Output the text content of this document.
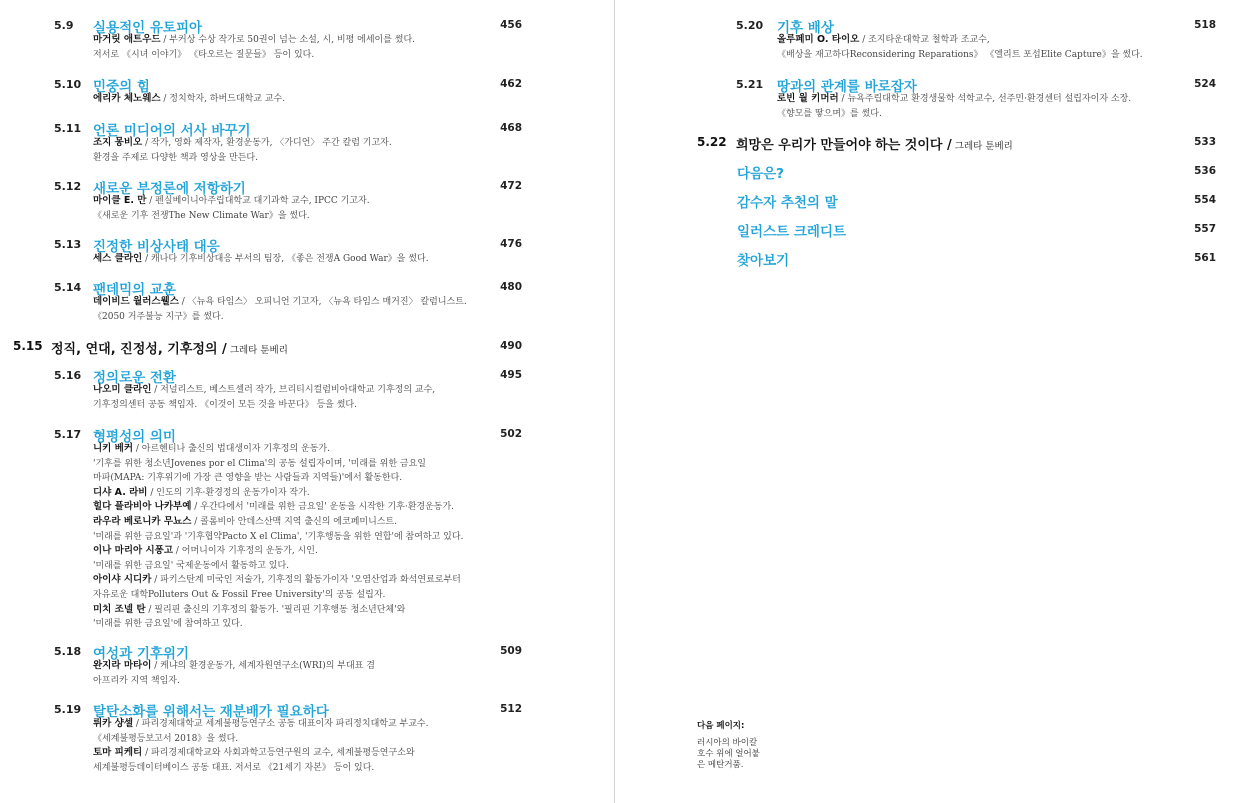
5.9 실용적인 유토피아	456
마거릿 애트우드 / 부커상 수상 작가로 50권이 넘는 소설, 시, 비평 에세이를 썼다.
저서로 《시녀 이야기》 《타오르는 질문들》 등이 있다.
5.10 민중의 힘	462
에리카 체노웨스 / 정치학자, 하버드대학교 교수.
5.11 언론 미디어의 서사 바꾸기	468
조지 몽비오 / 작가, 영화 제작자, 환경운동가, 〈가디언〉 주간 칼럼 기고자.
환경을 주제로 다양한 책과 영상을 만든다.
5.12 새로운 부정론에 저항하기	472
마이클 E. 만 / 펜실베이니아주립대학교 대기과학 교수, IPCC 기고자.
《새로운 기후 전쟁The New Climate War》을 썼다.
5.13 진정한 비상사태 대응	476
세스 클라인 / 캐나다 기후비상대응 부서의 팀장, 《좋은 전쟁A Good War》을 썼다.
5.14 팬데믹의 교훈	480
데이비드 월러스웰스 / 〈뉴욕 타임스〉 오피니언 기고자, 〈뉴욕 타임스 매거진〉 칼럼니스트.
《2050 거주불능 지구》를 썼다.
5.15 정직, 연대, 진정성, 기후정의 / 그레타 툰베리	490
5.16 정의로운 전환	495
나오미 클라인 / 저널리스트, 베스트셀러 작가, 브리티시컬럼비아대학교 기후정의 교수,
기후정의센터 공동 책임자. 《이것이 모든 것을 바꾼다》 등을 썼다.
5.17 형평성의 의미	502
니키 베커 / 아르헨티나 출신의 법대생이자 기후정의 운동가.
'기후를 위한 청소년Jovenes por el Clima'의 공동 설립자이며, '미래를 위한 금요일
마파(MAPA: 기후위기에 가장 큰 영향을 받는 사람들과 지역들)'에서 활동한다.
디샤 A. 라비 / 인도의 기후·환경정의 운동가이자 작가.
힐다 플라비아 나카부예 / 우간다에서 '미래를 위한 금요일' 운동을 시작한 기후·환경운동가.
라우라 베로니카 무뇨스 / 콜롬비아 안데스산맥 지역 출신의 에코페미니스트.
'미래를 위한 금요일'과 '기후협약Pacto X el Clima', '기후행동을 위한 연합'에 참여하고 있다.
이나 마리아 시퐁고 / 어머니이자 기후정의 운동가, 시인.
'미래를 위한 금요일' 국제운동에서 활동하고 있다.
아이샤 시디카 / 파키스탄계 미국인 저술가, 기후정의 활동가이자 '오염산업과 화석연료로부터
자유로운 대학Polluters Out & Fossil Free University'의 공동 설립자.
미치 조넬 탄 / 필리핀 출신의 기후정의 활동가. '필리핀 기후행동 청소년단체'와
'미래를 위한 금요일'에 참여하고 있다.
5.18 여성과 기후위기	509
완지라 마타이 / 케냐의 환경운동가, 세계자원연구소(WRI)의 부대표 겸
아프리카 지역 책임자.
5.19 탈탄소화를 위해서는 재분배가 필요하다	512
뤼카 샹셀 / 파리경제대학교 세계불평등연구소 공동 대표이자 파리정치대학교 부교수.
《세계불평등보고서 2018》을 썼다.
토마 피케티 / 파리경제대학교와 사회과학고등연구원의 교수, 세계불평등연구소와
세계불평등데이터베이스 공동 대표. 저서로 《21세기 자본》 등이 있다.
5.20 기후 배상	518
올루페미 O. 타이오 / 조지타운대학교 철학과 조교수,
《배상을 재고하다Reconsidering Reparations》 《엘리트 포섭Elite Capture》을 썼다.
5.21 땅과의 관계를 바로잡자	524
로빈 월 키머러 / 뉴욕주립대학교 환경생물학 석학교수, 선주민·환경센터 설립자이자 소장.
《향모를 땋으며》를 썼다.
5.22 희망은 우리가 만들어야 하는 것이다 / 그레타 툰베리	533
다음은?	536
감수자 추천의 말	554
일러스트 크레디트	557
찾아보기	561
다음 페이지:
러시아의 바이칼
호수 위에 얼어붙
은 메탄거품.
